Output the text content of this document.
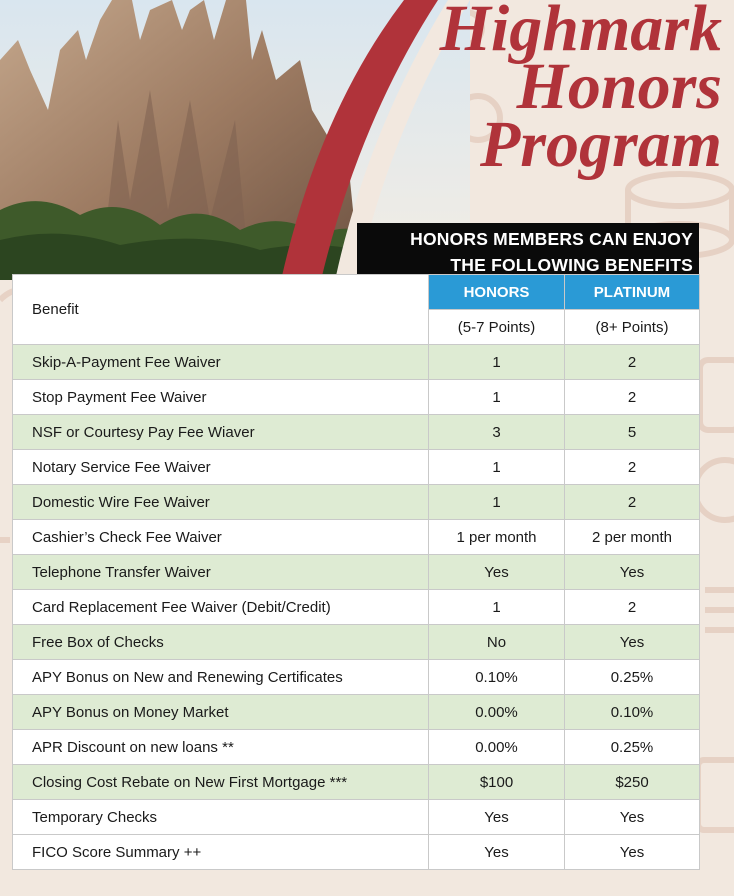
Highmark
Honors
Program
HONORS MEMBERS CAN ENJOY
THE FOLLOWING BENEFITS
Benefit	HONORS	PLATINUM
	(5-7 Points)	(8+ Points)
Skip-A-Payment Fee Waiver	1	2
Stop Payment Fee Waiver	1	2
NSF or Courtesy Pay Fee Wiaver	3	5
Notary Service Fee Waiver	1	2
Domestic Wire Fee Waiver	1	2
Cashier’s Check Fee Waiver	1 per month	2 per month
Telephone Transfer Waiver	Yes	Yes
Card Replacement Fee Waiver (Debit/Credit)	1	2
Free Box of Checks	No	Yes
APY Bonus on New and Renewing Certificates	0.10%	0.25%
APY Bonus on Money Market	0.00%	0.10%
APR Discount on new loans **	0.00%	0.25%
Closing Cost Rebate on New First Mortgage ***	$100	$250
Temporary Checks	Yes	Yes
FICO Score Summary ++	Yes	Yes
